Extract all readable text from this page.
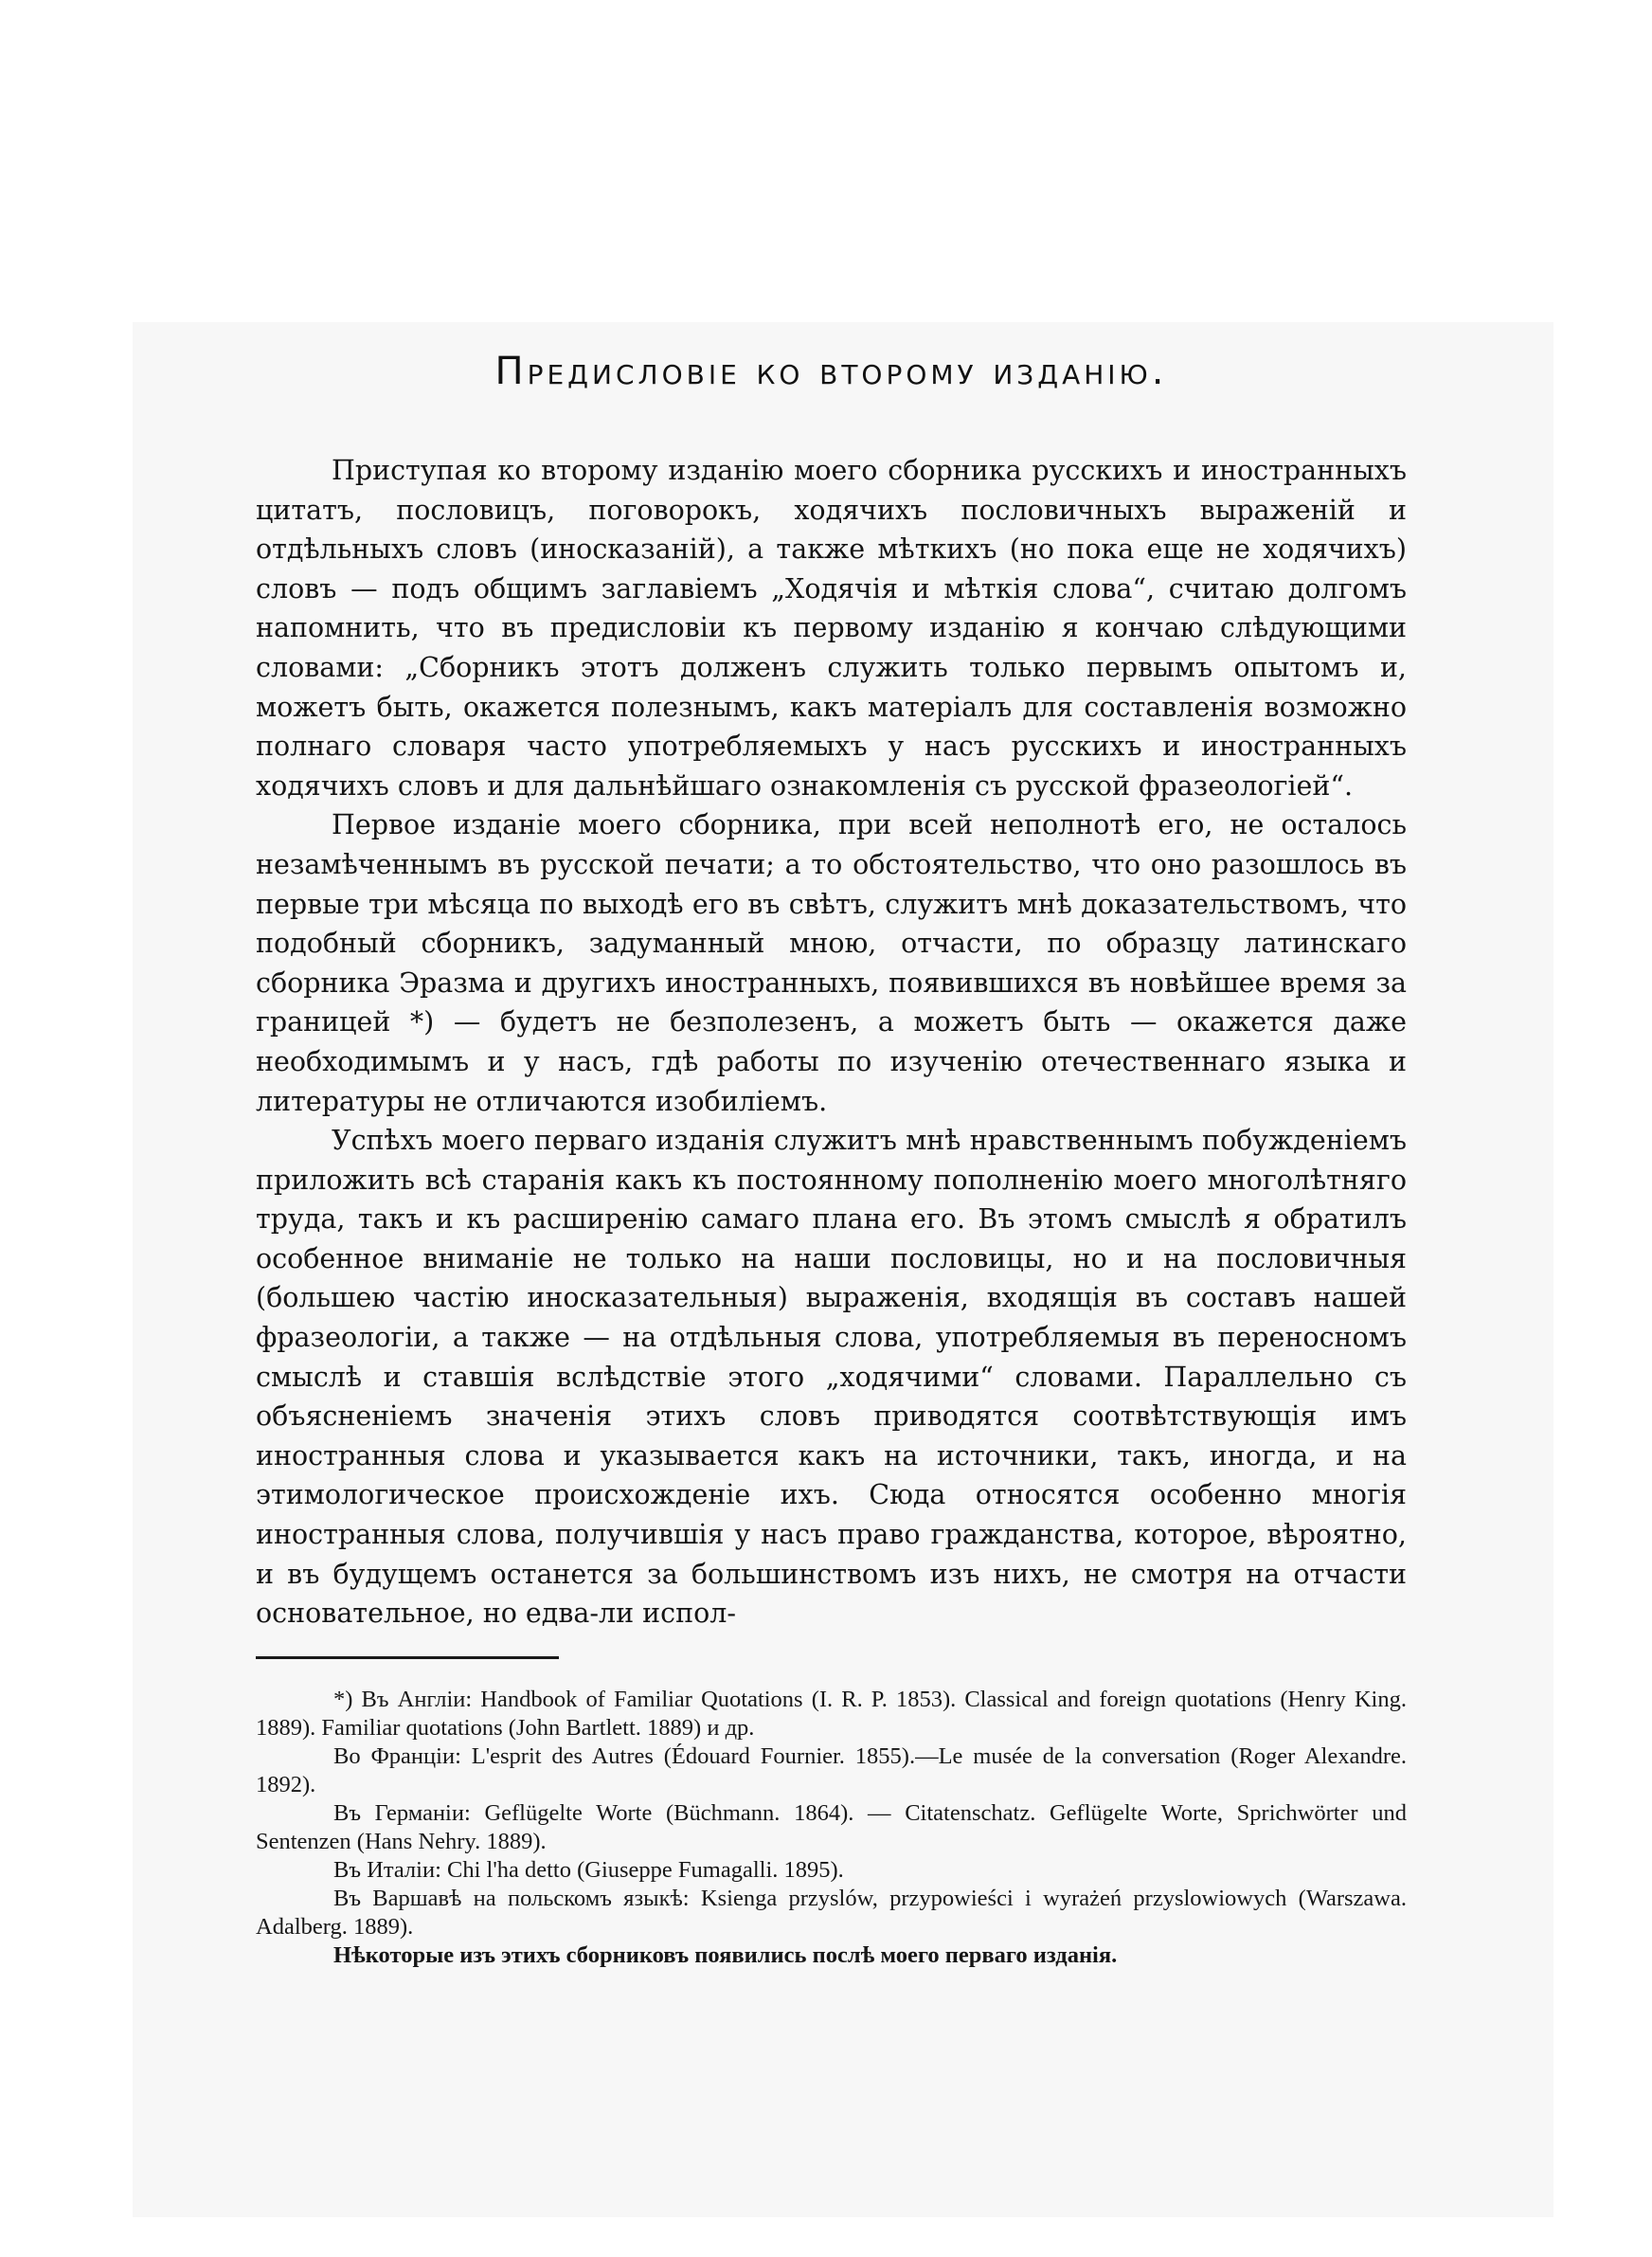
Предисловіе ко второму изданію.

Приступая ко второму изданію моего сборника русскихъ и иностранныхъ цитатъ, пословицъ, поговорокъ, ходячихъ пословичныхъ выраженій и отдѣльныхъ словъ (иносказаній), а также мѣткихъ (но пока еще не ходячихъ) словъ — подъ общимъ заглавіемъ „Ходячія и мѣткія слова“, считаю долгомъ напомнить, что въ предисловіи къ первому изданію я кончаю слѣдующими словами: „Сборникъ этотъ долженъ служить только первымъ опытомъ и, можетъ быть, окажется полезнымъ, какъ матеріалъ для составленія возможно полнаго словаря часто употребляемыхъ у насъ русскихъ и иностранныхъ ходячихъ словъ и для дальнѣйшаго ознакомленія съ русской фразеологіей“.

Первое изданіе моего сборника, при всей неполнотѣ его, не осталось незамѣченнымъ въ русской печати; а то обстоятельство, что оно разошлось въ первые три мѣсяца по выходѣ его въ свѣтъ, служитъ мнѣ доказательствомъ, что подобный сборникъ, задуманный мною, отчасти, по образцу латинскаго сборника Эразма и другихъ иностранныхъ, появившихся въ новѣйшее время за границей *) — будетъ не безполезенъ, а можетъ быть — окажется даже необходимымъ и у насъ, гдѣ работы по изученію отечественнаго языка и литературы не отличаются изобиліемъ.

Успѣхъ моего перваго изданія служитъ мнѣ нравственнымъ побужденіемъ приложить всѣ старанія какъ къ постоянному пополненію моего многолѣтняго труда, такъ и къ расширенію самаго плана его. Въ этомъ смыслѣ я обратилъ особенное вниманіе не только на наши пословицы, но и на пословичныя (большею частію иносказательныя) выраженія, входящія въ составъ нашей фразеологіи, а также — на отдѣльныя слова, употребляемыя въ переносномъ смыслѣ и ставшія вслѣдствіе этого „ходячими“ словами. Параллельно съ объясненіемъ значенія этихъ словъ приводятся соотвѣтствующія имъ иностранныя слова и указывается какъ на источники, такъ, иногда, и на этимологическое происхожденіе ихъ. Сюда относятся особенно многія иностранныя слова, получившія у насъ право гражданства, которое, вѣроятно, и въ будущемъ останется за большинствомъ изъ нихъ, не смотря на отчасти основательное, но едва-ли испол-

*) Въ Англіи: Handbook of Familiar Quotations (I. R. P. 1853). Classical and foreign quotations (Henry King. 1889). Familiar quotations (John Bartlett. 1889) и др.

Во Франціи: L'esprit des Autres (Édouard Fournier. 1855).—Le musée de la conversation (Roger Alexandre. 1892).

Въ Германіи: Geflügelte Worte (Büchmann. 1864). — Citatenschatz. Geflügelte Worte, Sprichwörter und Sentenzen (Hans Nehry. 1889).

Въ Италіи: Chi l'ha detto (Giuseppe Fumagalli. 1895).

Въ Варшавѣ на польскомъ языкѣ: Ksienga przyslów, przypowieści i wyrażeń przyslowiowych (Warszawa. Adalberg. 1889).

Нѣкоторые изъ этихъ сборниковъ появились послѣ моего перваго изданія.
